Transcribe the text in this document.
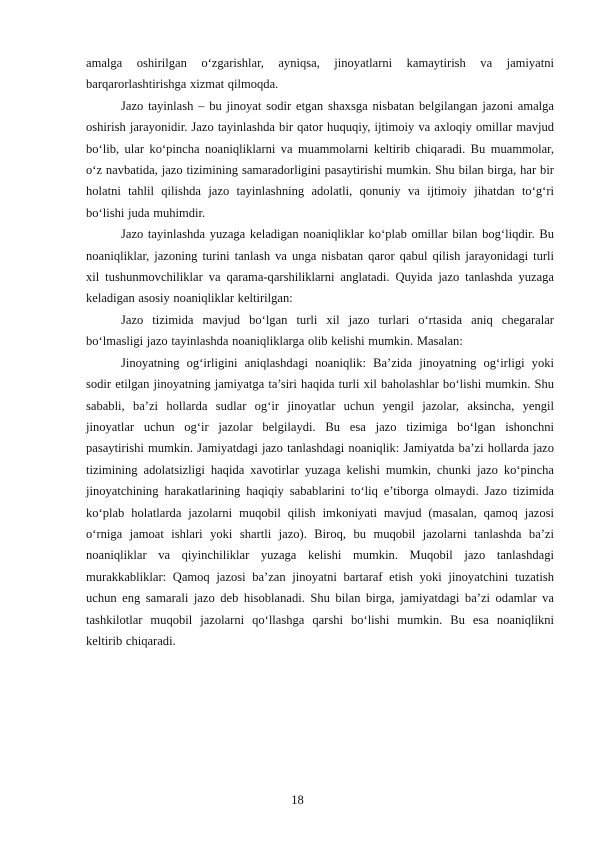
amalga oshirilgan o‘zgarishlar, ayniqsa, jinoyatlarni kamaytirish va jamiyatni barqarorlashtirishga xizmat qilmoqda.

Jazo tayinlash – bu jinoyat sodir etgan shaxsga nisbatan belgilangan jazoni amalga oshirish jarayonidir. Jazo tayinlashda bir qator huquqiy, ijtimoiy va axloqiy omillar mavjud bo‘lib, ular ko‘pincha noaniqliklarni va muammolarni keltirib chiqaradi. Bu muammolar, o‘z navbatida, jazo tizimining samaradorligini pasaytirishi mumkin. Shu bilan birga, har bir holatni tahlil qilishda jazo tayinlashning adolatli, qonuniy va ijtimoiy jihatdan to‘g‘ri bo‘lishi juda muhimdir.

Jazo tayinlashda yuzaga keladigan noaniqliklar ko‘plab omillar bilan bog‘liqdir. Bu noaniqliklar, jazoning turini tanlash va unga nisbatan qaror qabul qilish jarayonidagi turli xil tushunmovchiliklar va qarama-qarshiliklarni anglatadi. Quyida jazo tanlashda yuzaga keladigan asosiy noaniqliklar keltirilgan:

Jazo tizimida mavjud bo‘lgan turli xil jazo turlari o‘rtasida aniq chegaralar bo‘lmasligi jazo tayinlashda noaniqliklarga olib kelishi mumkin. Masalan:

Jinoyatning og‘irligini aniqlashdagi noaniqlik: Ba’zida jinoyatning og‘irligi yoki sodir etilgan jinoyatning jamiyatga ta’siri haqida turli xil baholashlar bo‘lishi mumkin. Shu sababli, ba’zi hollarda sudlar og‘ir jinoyatlar uchun yengil jazolar, aksincha, yengil jinoyatlar uchun og‘ir jazolar belgilaydi. Bu esa jazo tizimiga bo‘lgan ishonchni pasaytirishi mumkin. Jamiyatdagi jazo tanlashdagi noaniqlik: Jamiyatda ba’zi hollarda jazo tizimining adolatsizligi haqida xavotirlar yuzaga kelishi mumkin, chunki jazo ko‘pincha jinoyatchining harakatlarining haqiqiy sabablarini to‘liq e’tiborga olmaydi. Jazo tizimida ko‘plab holatlarda jazolarni muqobil qilish imkoniyati mavjud (masalan, qamoq jazosi o‘rniga jamoat ishlari yoki shartli jazo). Biroq, bu muqobil jazolarni tanlashda ba’zi noaniqliklar va qiyinchiliklar yuzaga kelishi mumkin. Muqobil jazo tanlashdagi murakkabliklar: Qamoq jazosi ba’zan jinoyatni bartaraf etish yoki jinoyatchini tuzatish uchun eng samarali jazo deb hisoblanadi. Shu bilan birga, jamiyatdagi ba’zi odamlar va tashkilotlar muqobil jazolarni qo‘llashga qarshi bo‘lishi mumkin. Bu esa noaniqlikni keltirib chiqaradi.

18
